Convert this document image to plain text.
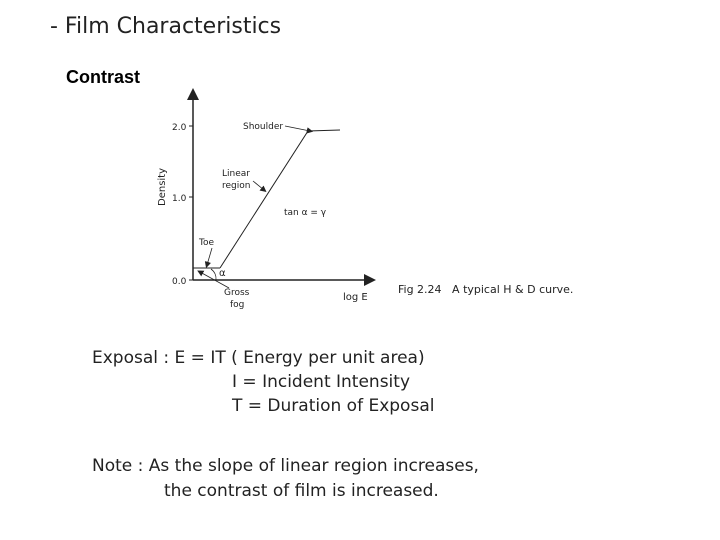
- Film Characteristics
Contrast
2.0
1.0
0.0
Density
log E
α
Shoulder
Linear
region
tan α = γ
Toe
Gross
fog
Fig 2.24   A typical H & D curve.
Exposal : E = IT ( Energy per unit area)
I = Incident Intensity
T = Duration of Exposal
Note : As the slope of linear region increases,
the contrast of film is increased.
